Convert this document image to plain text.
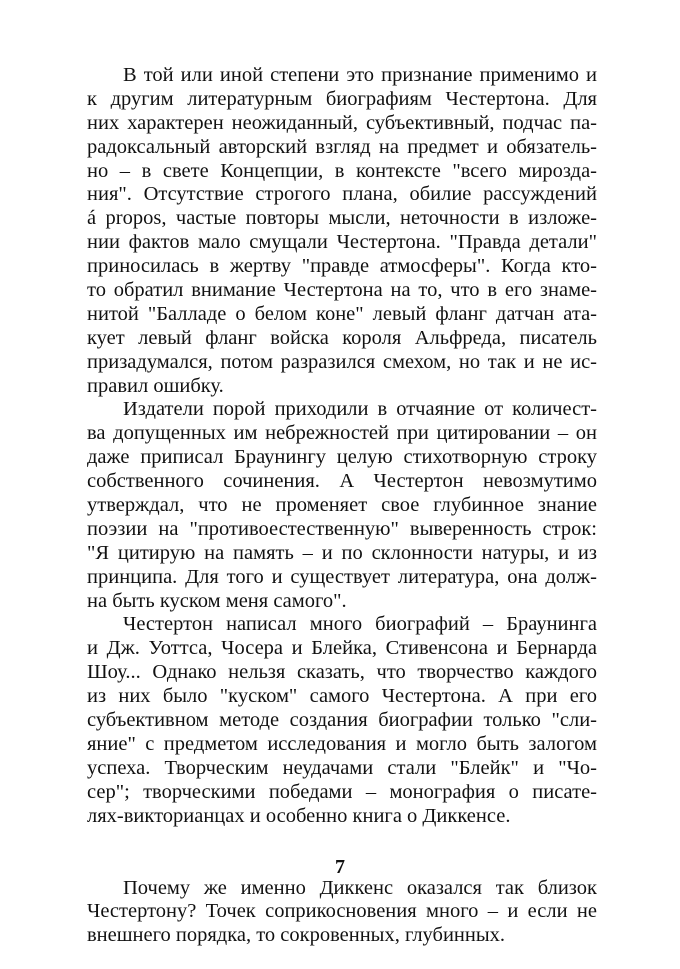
В той или иной степени это признание применимо и
к другим литературным биографиям Честертона. Для
них характерен неожиданный, субъективный, подчас па-
радоксальный авторский взгляд на предмет и обязатель-
но – в свете Концепции, в контексте "всего мирозда-
ния". Отсутствие строгого плана, обилие рассуждений
á propos, частые повторы мысли, неточности в изложе-
нии фактов мало смущали Честертона. "Правда детали"
приносилась в жертву "правде атмосферы". Когда кто-
то обратил внимание Честертона на то, что в его знаме-
нитой "Балладе о белом коне" левый фланг датчан ата-
кует левый фланг войска короля Альфреда, писатель
призадумался, потом разразился смехом, но так и не ис-
правил ошибку.
Издатели порой приходили в отчаяние от количест-
ва допущенных им небрежностей при цитировании – он
даже приписал Браунингу целую стихотворную строку
собственного сочинения. А Честертон невозмутимо
утверждал, что не променяет свое глубинное знание
поэзии на "противоестественную" выверенность строк:
"Я цитирую на память – и по склонности натуры, и из
принципа. Для того и существует литература, она долж-
на быть куском меня самого".
Честертон написал много биографий – Браунинга
и Дж. Уоттса, Чосера и Блейка, Стивенсона и Бернарда
Шоу... Однако нельзя сказать, что творчество каждого
из них было "куском" самого Честертона. А при его
субъективном методе создания биографии только "сли-
яние" с предметом исследования и могло быть залогом
успеха. Творческим неудачами стали "Блейк" и "Чо-
сер"; творческими победами – монография о писате-
лях-викторианцах и особенно книга о Диккенсе.
Почему же именно Диккенс оказался так близок
Честертону? Точек соприкосновения много – и если не
внешнего порядка, то сокровенных, глубинных.
7
